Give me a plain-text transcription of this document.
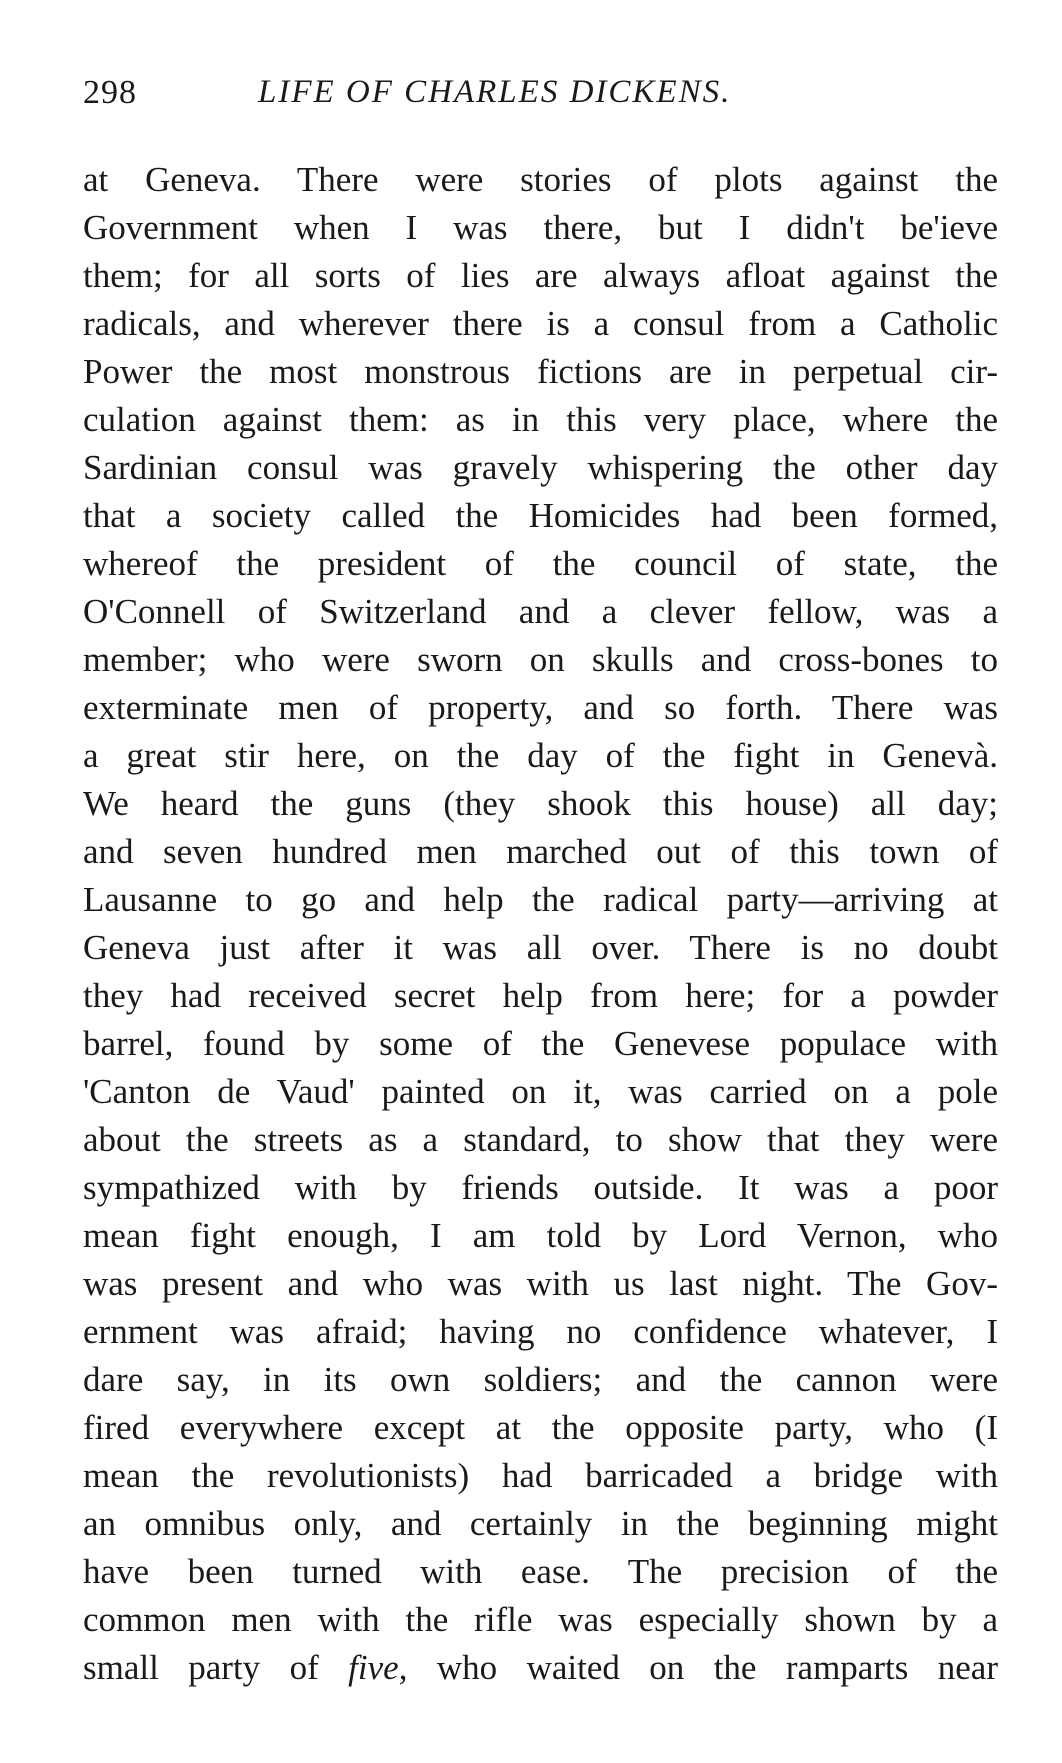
298	LIFE OF CHARLES DICKENS.
at Geneva. There were stories of plots against the
Government when I was there, but I didn't be'ieve
them; for all sorts of lies are always afloat against the
radicals, and wherever there is a consul from a Catholic
Power the most monstrous fictions are in perpetual cir-
culation against them: as in this very place, where the
Sardinian consul was gravely whispering the other day
that a society called the Homicides had been formed,
whereof the president of the council of state, the
O'Connell of Switzerland and a clever fellow, was a
member; who were sworn on skulls and cross-bones to
exterminate men of property, and so forth. There was
a great stir here, on the day of the fight in Genevà.
We heard the guns (they shook this house) all day;
and seven hundred men marched out of this town of
Lausanne to go and help the radical party—arriving at
Geneva just after it was all over. There is no doubt
they had received secret help from here; for a powder
barrel, found by some of the Genevese populace with
'Canton de Vaud' painted on it, was carried on a pole
about the streets as a standard, to show that they were
sympathized with by friends outside. It was a poor
mean fight enough, I am told by Lord Vernon, who
was present and who was with us last night. The Gov-
ernment was afraid; having no confidence whatever, I
dare say, in its own soldiers; and the cannon were
fired everywhere except at the opposite party, who (I
mean the revolutionists) had barricaded a bridge with
an omnibus only, and certainly in the beginning might
have been turned with ease. The precision of the
common men with the rifle was especially shown by a
small party of five, who waited on the ramparts near
